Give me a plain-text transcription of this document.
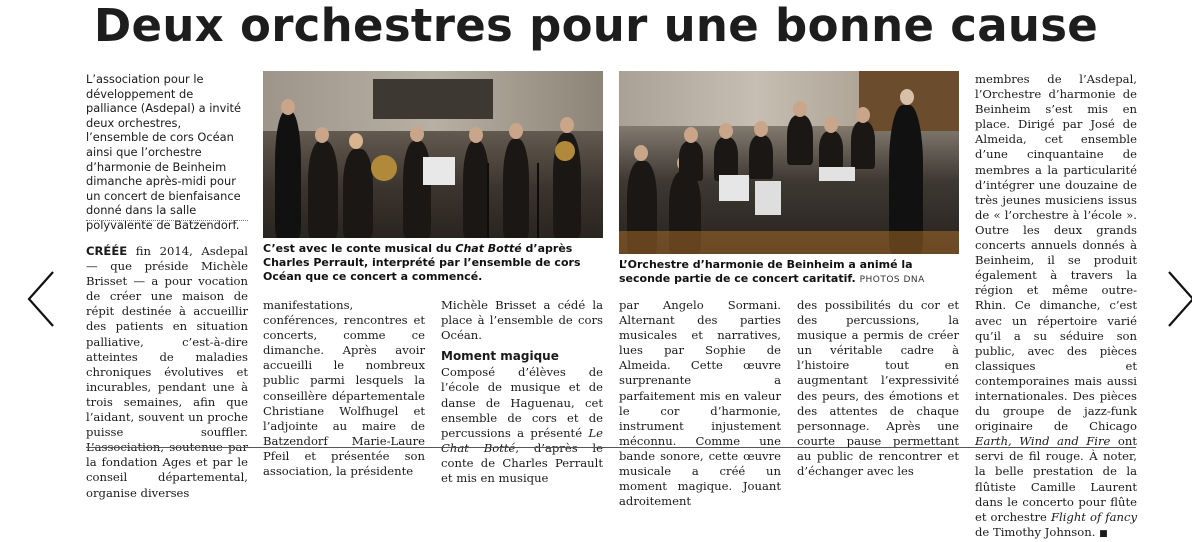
Deux orchestres pour une bonne cause
L’association pour le développement de palliance (Asdepal) a invité deux orchestres, l’ensemble de cors Océan ainsi que l’orchestre d’harmonie de Beinheim dimanche après-midi pour un concert de bienfaisance donné dans la salle polyvalente de Batzendorf.
C’est avec le conte musical du Chat Botté d’après Charles Perrault, interprété par l’ensemble de cors Océan que ce concert a commencé.
L’Orchestre d’harmonie de Beinheim a animé la seconde partie de ce concert caritatif. PHOTOS DNA

CRÉÉE fin 2014, Asdepal — que préside Michèle Brisset — a pour vocation de créer une maison de répit destinée à accueillir des patients en situation palliative, c’est-à-dire atteintes de maladies chroniques évolutives et incurables, pendant une à trois semaines, afin que l’aidant, souvent un proche puisse souffler. L’association, soutenue par la fondation Ages et par le conseil départemental, organise diverses

manifestations, conférences, rencontres et concerts, comme ce dimanche. Après avoir accueilli le nombreux public parmi lesquels la conseillère départementale Christiane Wolfhugel et l’adjointe au maire de Batzendorf Marie-Laure Pfeil et présentée son association, la présidente

Michèle Brisset a cédé la place à l’ensemble de cors Océan.

Moment magique

Composé d’élèves de l’école de musique et de danse de Haguenau, cet ensemble de cors et de percussions a présenté Le Chat Botté, d’après le conte de Charles Perrault et mis en musique

par Angelo Sormani. Alternant des parties musicales et narratives, lues par Sophie de Almeida. Cette œuvre surprenante a parfaitement mis en valeur le cor d’harmonie, instrument injustement méconnu. Comme une bande sonore, cette œuvre musicale a créé un moment magique. Jouant adroitement

des possibilités du cor et des percussions, la musique a permis de créer un véritable cadre à l’histoire tout en augmentant l’expressivité des peurs, des émotions et des attentes de chaque personnage. Après une courte pause permettant au public de rencontrer et d’échanger avec les

membres de l’Asdepal, l’Orchestre d’harmonie de Beinheim s’est mis en place. Dirigé par José de Almeida, cet ensemble d’une cinquantaine de membres a la particularité d’intégrer une douzaine de très jeunes musiciens issus de « l’orchestre à l’école ». Outre les deux grands concerts annuels donnés à Beinheim, il se produit également à travers la région et même outre-Rhin. Ce dimanche, c’est avec un répertoire varié qu’il a su séduire son public, avec des pièces classiques et contemporaines mais aussi internationales. Des pièces du groupe de jazz-funk originaire de Chicago Earth, Wind and Fire ont servi de fil rouge. À noter, la belle prestation de la flûtiste Camille Laurent dans le concerto pour flûte et orchestre Flight of fancy de Timothy Johnson. ■
